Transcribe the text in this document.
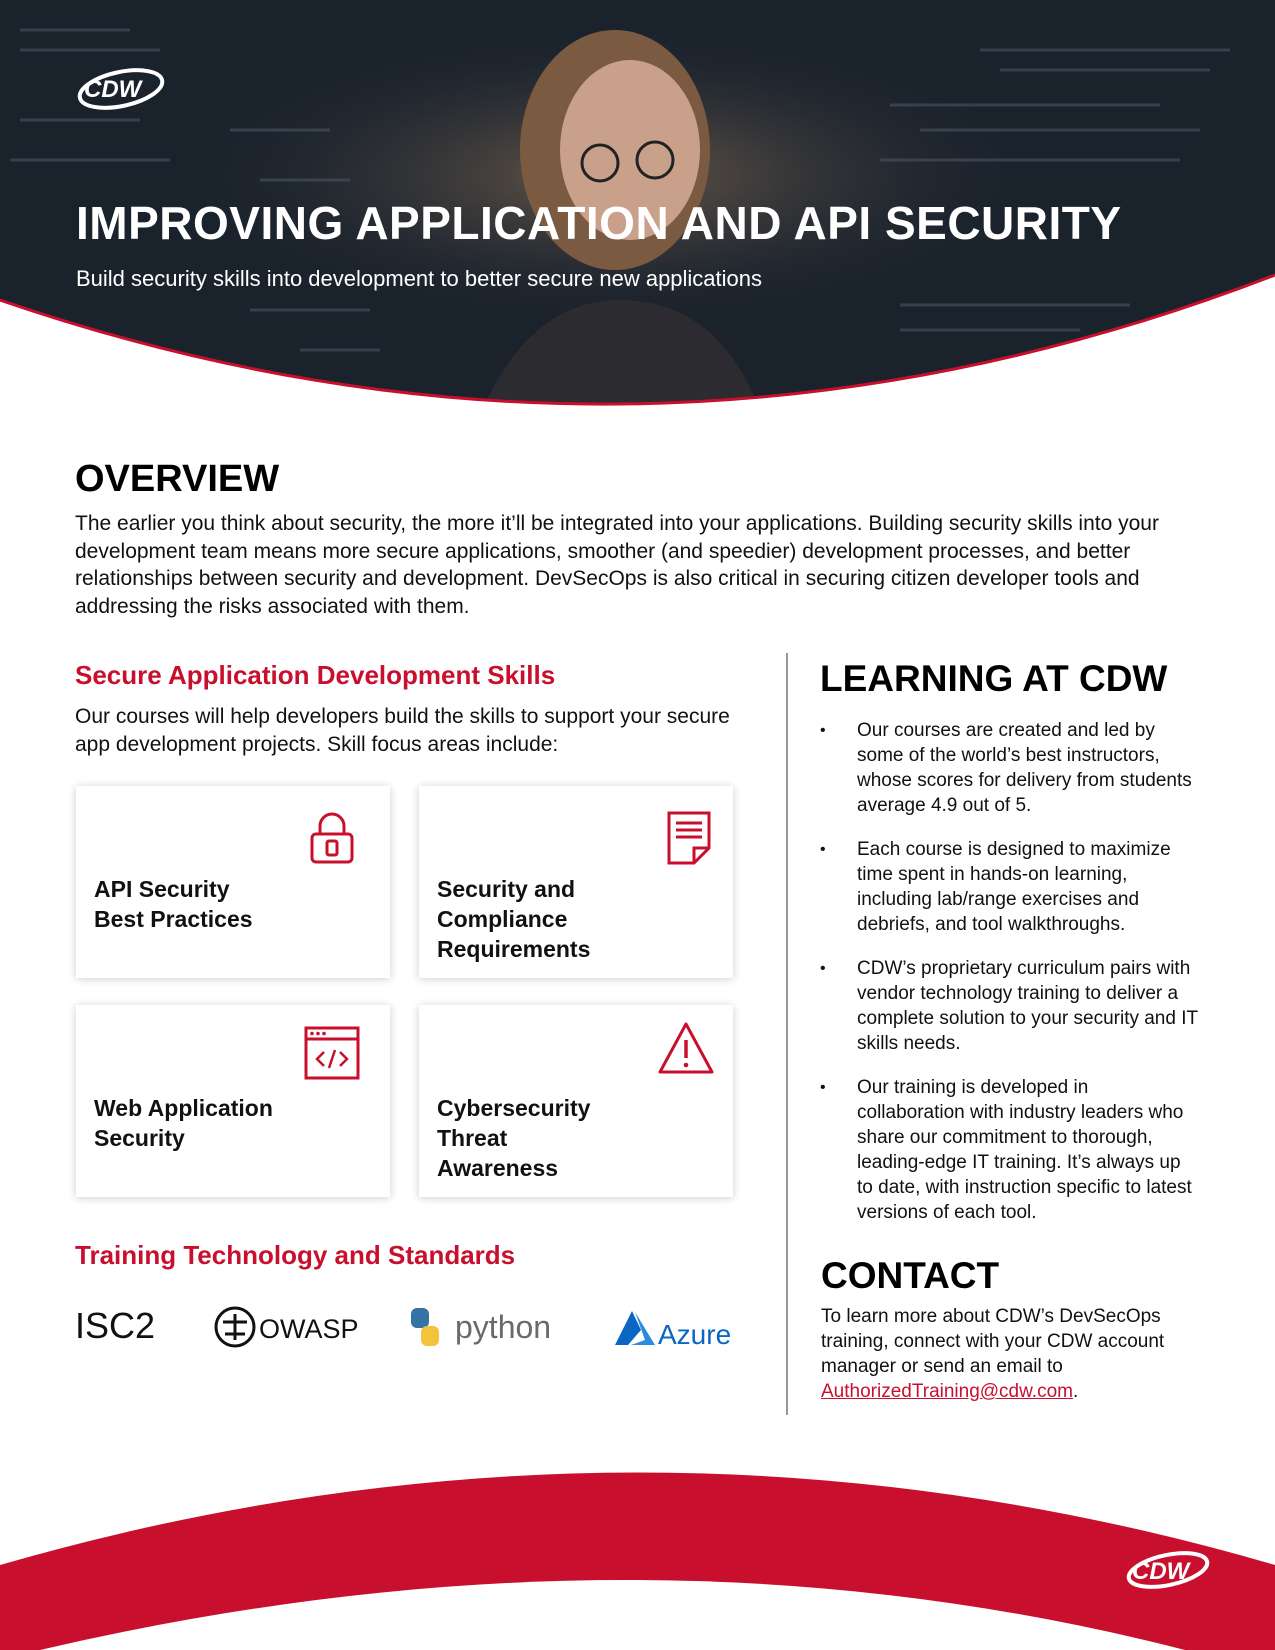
CDW
IMPROVING APPLICATION AND API SECURITY

Build security skills into development to better secure new applications

OVERVIEW

The earlier you think about security, the more it’ll be integrated into your applications. Building security skills into your development team means more secure applications, smoother (and speedier) development processes, and better relationships between security and development. DevSecOps is also critical in securing citizen developer tools and addressing the risks associated with them.

Secure Application Development Skills

Our courses will help developers build the skills to support your secure app development projects. Skill focus areas include:

API Security
Best Practices

Security and
Compliance
Requirements

Web Application
Security

Cybersecurity
Threat
Awareness

Training Technology and Standards
ISC2	OWASP	python	Azure
LEARNING AT CDW
• Our courses are created and led by some of the world’s best instructors, whose scores for delivery from students average 4.9 out of 5.
• Each course is designed to maximize time spent in hands-on learning, including lab/range exercises and debriefs, and tool walkthroughs.
• CDW’s proprietary curriculum pairs with vendor technology training to deliver a complete solution to your security and IT skills needs.
• Our training is developed in collaboration with industry leaders who share our commitment to thorough, leading-edge IT training. It’s always up to date, with instruction specific to latest versions of each tool.
CONTACT

To learn more about CDW’s DevSecOps training, connect with your CDW account manager or send an email to AuthorizedTraining@cdw.com.

CDW
